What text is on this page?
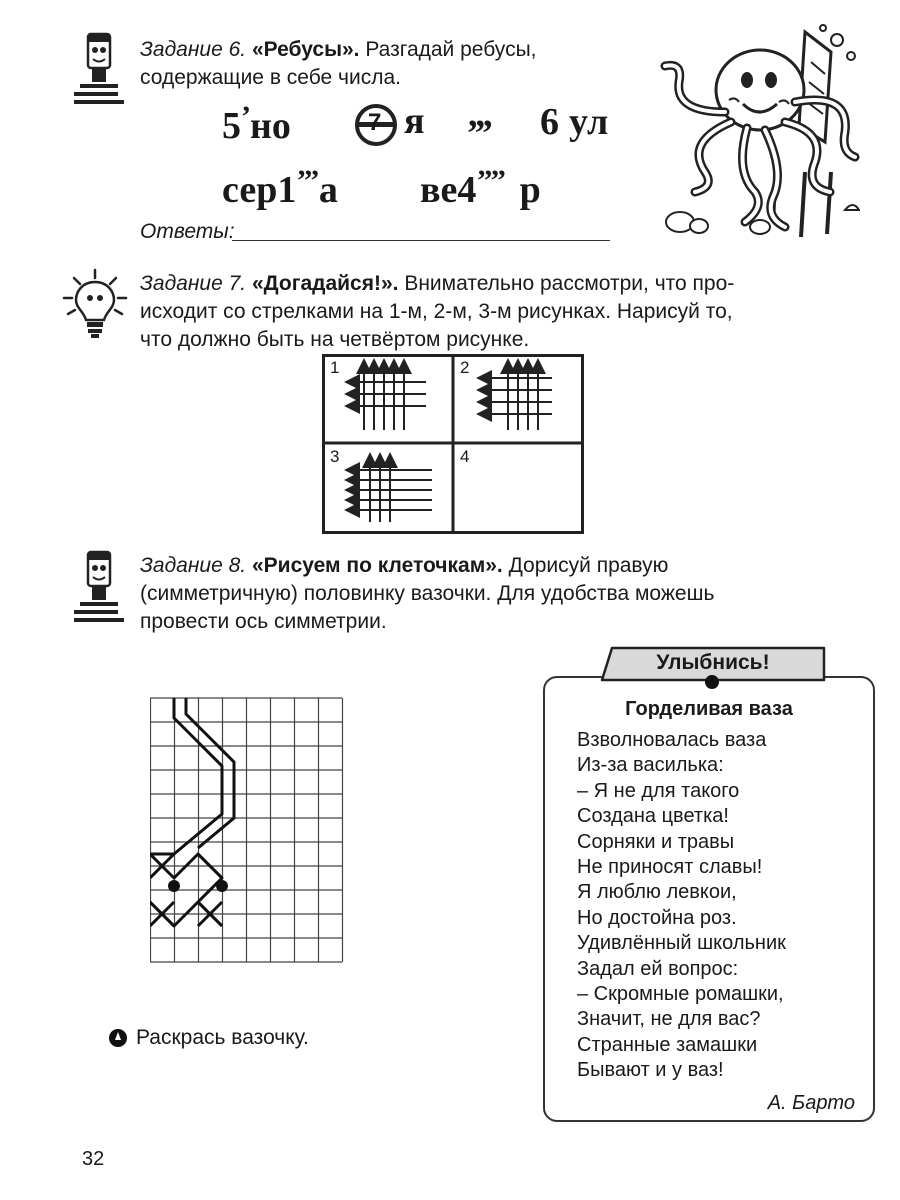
Задание 6. «Ребусы». Разгадай ребусы,
содержащие в себе числа.
5’но	7 я ,,, 6 ул
сер1’’’а ве4’’’’ р
Ответы:
Задание 7. «Догадайся!». Внимательно рассмотри, что про-
исходит со стрелками на 1-м, 2-м, 3-м рисунках. Нарисуй то,
что должно быть на четвёртом рисунке.
1	2
3	4
Задание 8. «Рисуем по клеточкам». Дорисуй правую
(симметричную) половинку вазочки. Для удобства можешь
провести ось симметрии.
Раскрась вазочку.
Горделивая ваза
Взволновалась ваза
Из-за василька:
– Я не для такого
Создана цветка!
Сорняки и травы
Не приносят славы!
Я люблю левкои,
Но достойна роз.
Удивлённый школьник
Задал ей вопрос:
– Скромные ромашки,
Значит, не для вас?
Странные замашки
Бывают и у ваз!
А. Барто
Улыбнись!
32
